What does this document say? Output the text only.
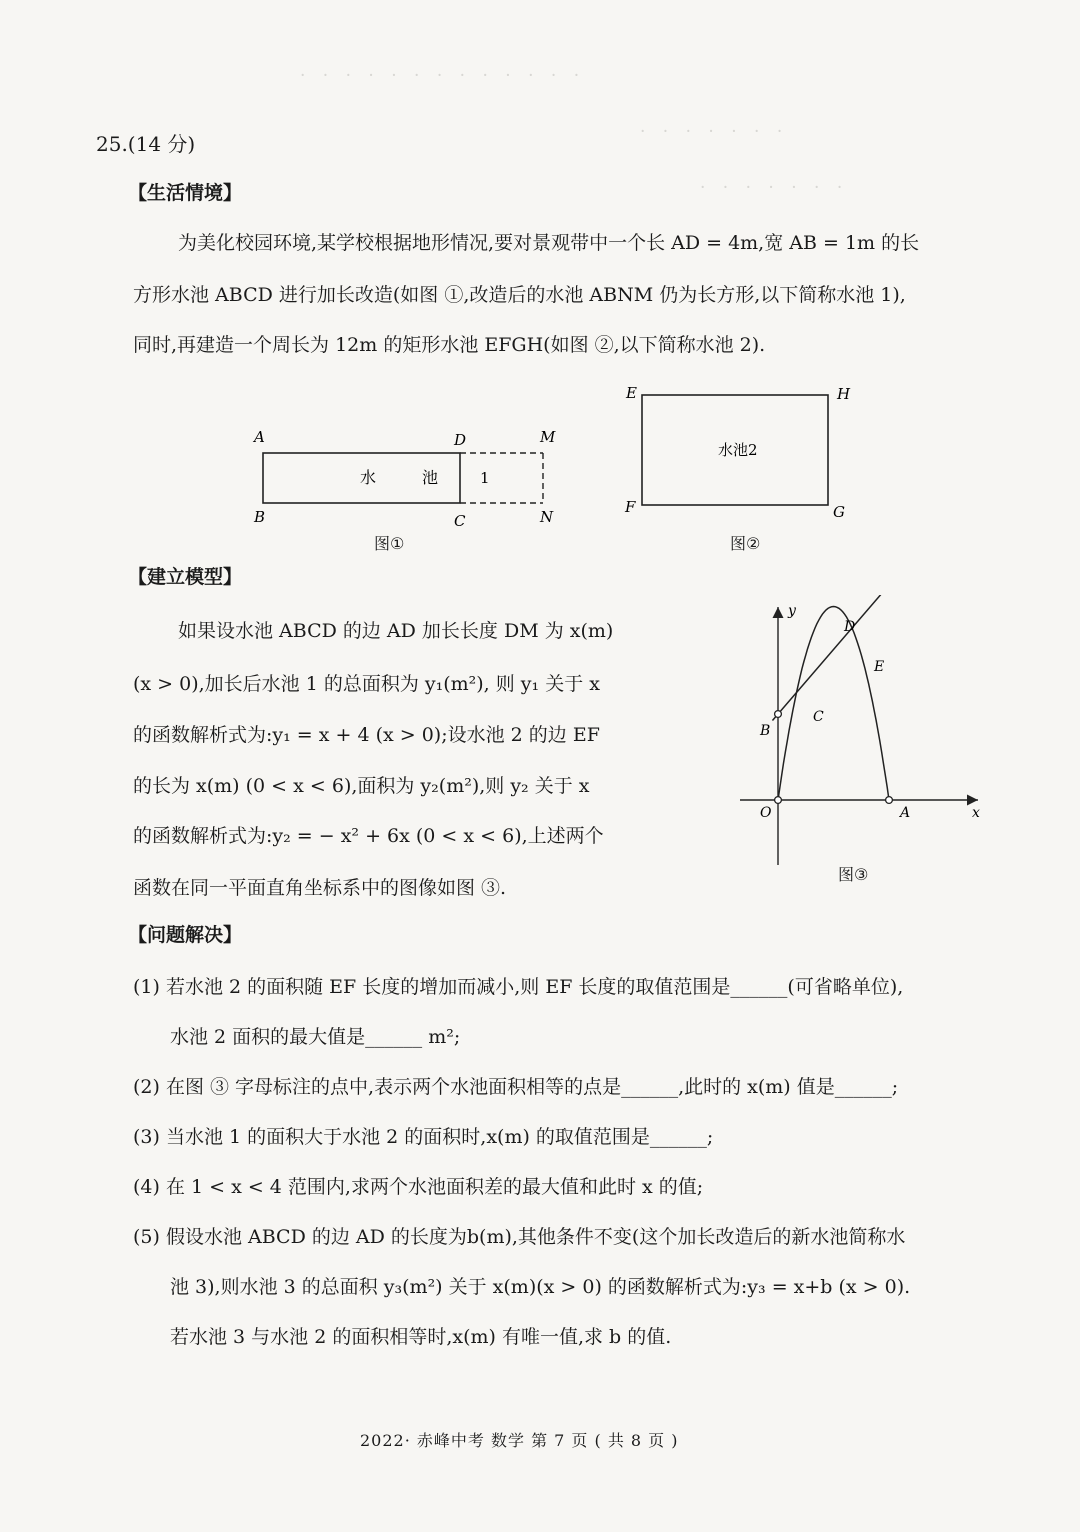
· · · · · · · · · · · · ·
· · · · · · ·
· · · · · · ·
25.(14 分)
【生活情境】
为美化校园环境,某学校根据地形情况,要对景观带中一个长 AD = 4m,宽 AB = 1m 的长
方形水池 ABCD 进行加长改造(如图 ①,改造后的水池 ABNM 仍为长方形,以下简称水池 1),
同时,再建造一个周长为 12m 的矩形水池 EFGH(如图 ②,以下简称水池 2).
A
B	C
D	M
N
水	池	1
图①
E	H
F	G
水池2
图②
【建立模型】
如果设水池 ABCD 的边 AD 加长长度 DM 为 x(m)
(x > 0),加长后水池 1 的总面积为 y₁(m²), 则 y₁ 关于 x
的函数解析式为:y₁ = x + 4 (x > 0);设水池 2 的边 EF
的长为 x(m) (0 < x < 6),面积为 y₂(m²),则 y₂ 关于 x
的函数解析式为:y₂ = − x² + 6x (0 < x < 6),上述两个
函数在同一平面直角坐标系中的图像如图 ③.
y
x
O	A
B
C
D
E
图③
【问题解决】
(1) 若水池 2 的面积随 EF 长度的增加而减小,则 EF 长度的取值范围是______(可省略单位),
水池 2 面积的最大值是______ m²;
(2) 在图 ③ 字母标注的点中,表示两个水池面积相等的点是______,此时的 x(m) 值是______;
(3) 当水池 1 的面积大于水池 2 的面积时,x(m) 的取值范围是______;
(4) 在 1 < x < 4 范围内,求两个水池面积差的最大值和此时 x 的值;
(5) 假设水池 ABCD 的边 AD 的长度为b(m),其他条件不变(这个加长改造后的新水池简称水
池 3),则水池 3 的总面积 y₃(m²) 关于 x(m)(x > 0) 的函数解析式为:y₃ = x+b (x > 0).
若水池 3 与水池 2 的面积相等时,x(m) 有唯一值,求 b 的值.
2022· 赤峰中考 数学 第 7 页 ( 共 8 页 )
